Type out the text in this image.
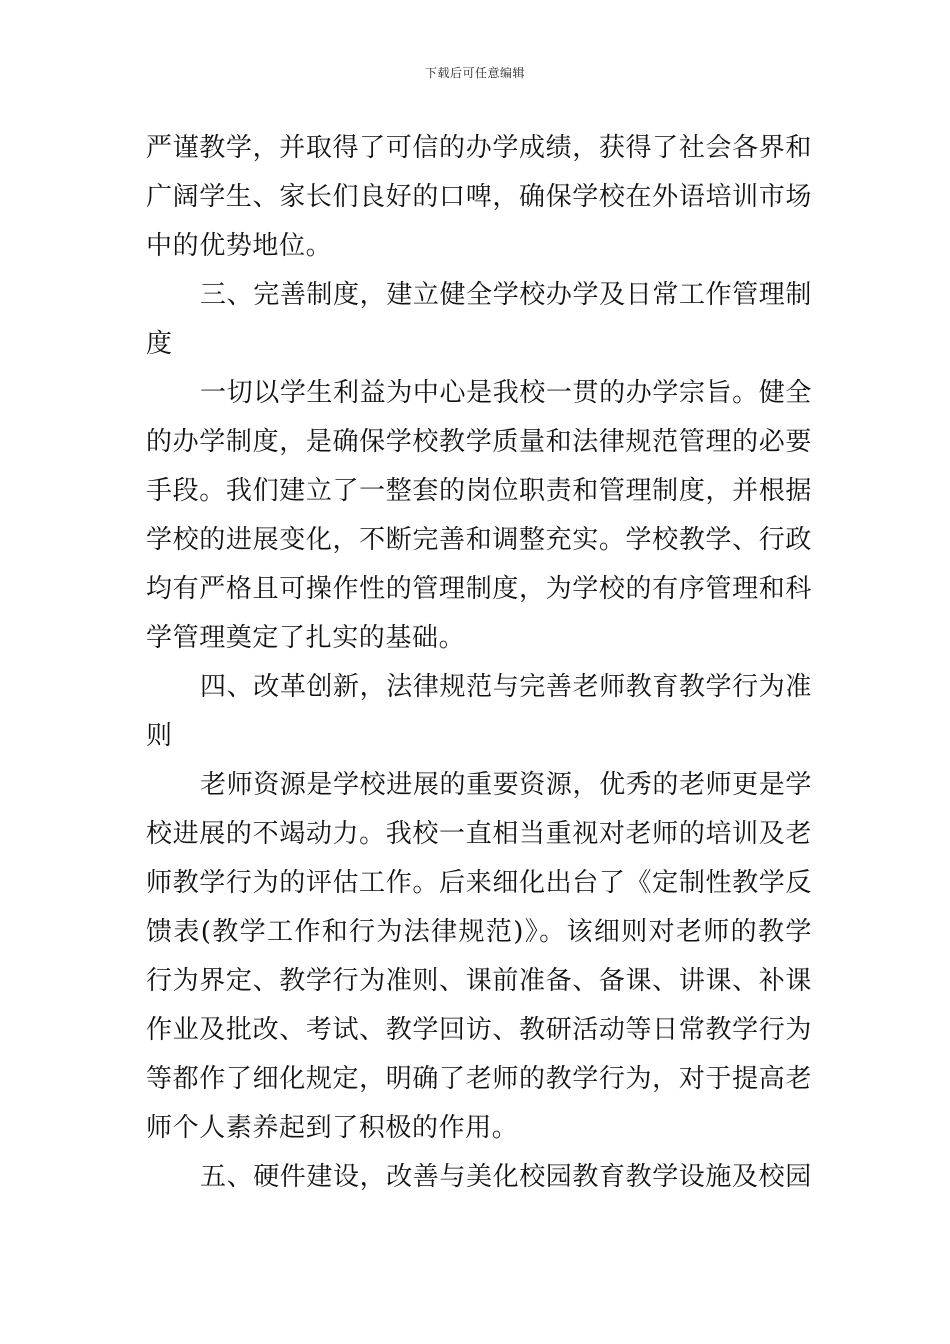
下载后可任意编辑

严谨教学，并取得了可信的办学成绩，获得了社会各界和广阔学生、家长们良好的口啤，确保学校在外语培训市场中的优势地位。

三、完善制度，建立健全学校办学及日常工作管理制度

一切以学生利益为中心是我校一贯的办学宗旨。健全的办学制度，是确保学校教学质量和法律规范管理的必要手段。我们建立了一整套的岗位职责和管理制度，并根据学校的进展变化，不断完善和调整充实。学校教学、行政均有严格且可操作性的管理制度，为学校的有序管理和科学管理奠定了扎实的基础。

四、改革创新，法律规范与完善老师教育教学行为准则

老师资源是学校进展的重要资源，优秀的老师更是学校进展的不竭动力。我校一直相当重视对老师的培训及老师教学行为的评估工作。后来细化出台了《定制性教学反馈表(教学工作和行为法律规范)》。该细则对老师的教学行为界定、教学行为准则、课前准备、备课、讲课、补课作业及批改、考试、教学回访、教研活动等日常教学行为等都作了细化规定，明确了老师的教学行为，对于提高老师个人素养起到了积极的作用。

五、硬件建设，改善与美化校园教育教学设施及校园
